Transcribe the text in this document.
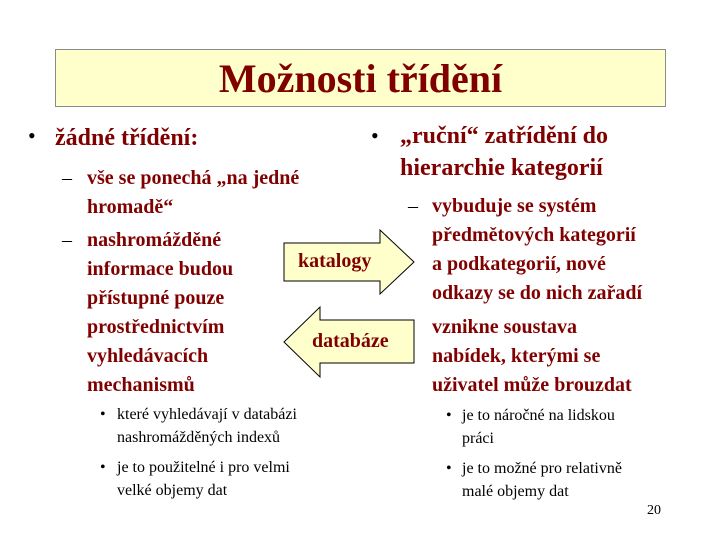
Možnosti třídění
• žádné třídění:
– vše se ponechá „na jedné
hromadě“
– nashromážděné
informace budou
přístupné pouze
prostřednictvím
vyhledávacích
mechanismů
• které vyhledávají v databázi
nashromážděných indexů
• je to použitelné i pro velmi
velké objemy dat
katalogy
databáze
• „ruční“ zatřídění do
hierarchie kategorií
– vybuduje se systém
předmětových kategorií
a podkategorií, nové
odkazy se do nich zařadí
vznikne soustava
nabídek, kterými se
uživatel může brouzdat
• je to náročné na lidskou
práci
• je to možné pro relativně
malé objemy dat
20
